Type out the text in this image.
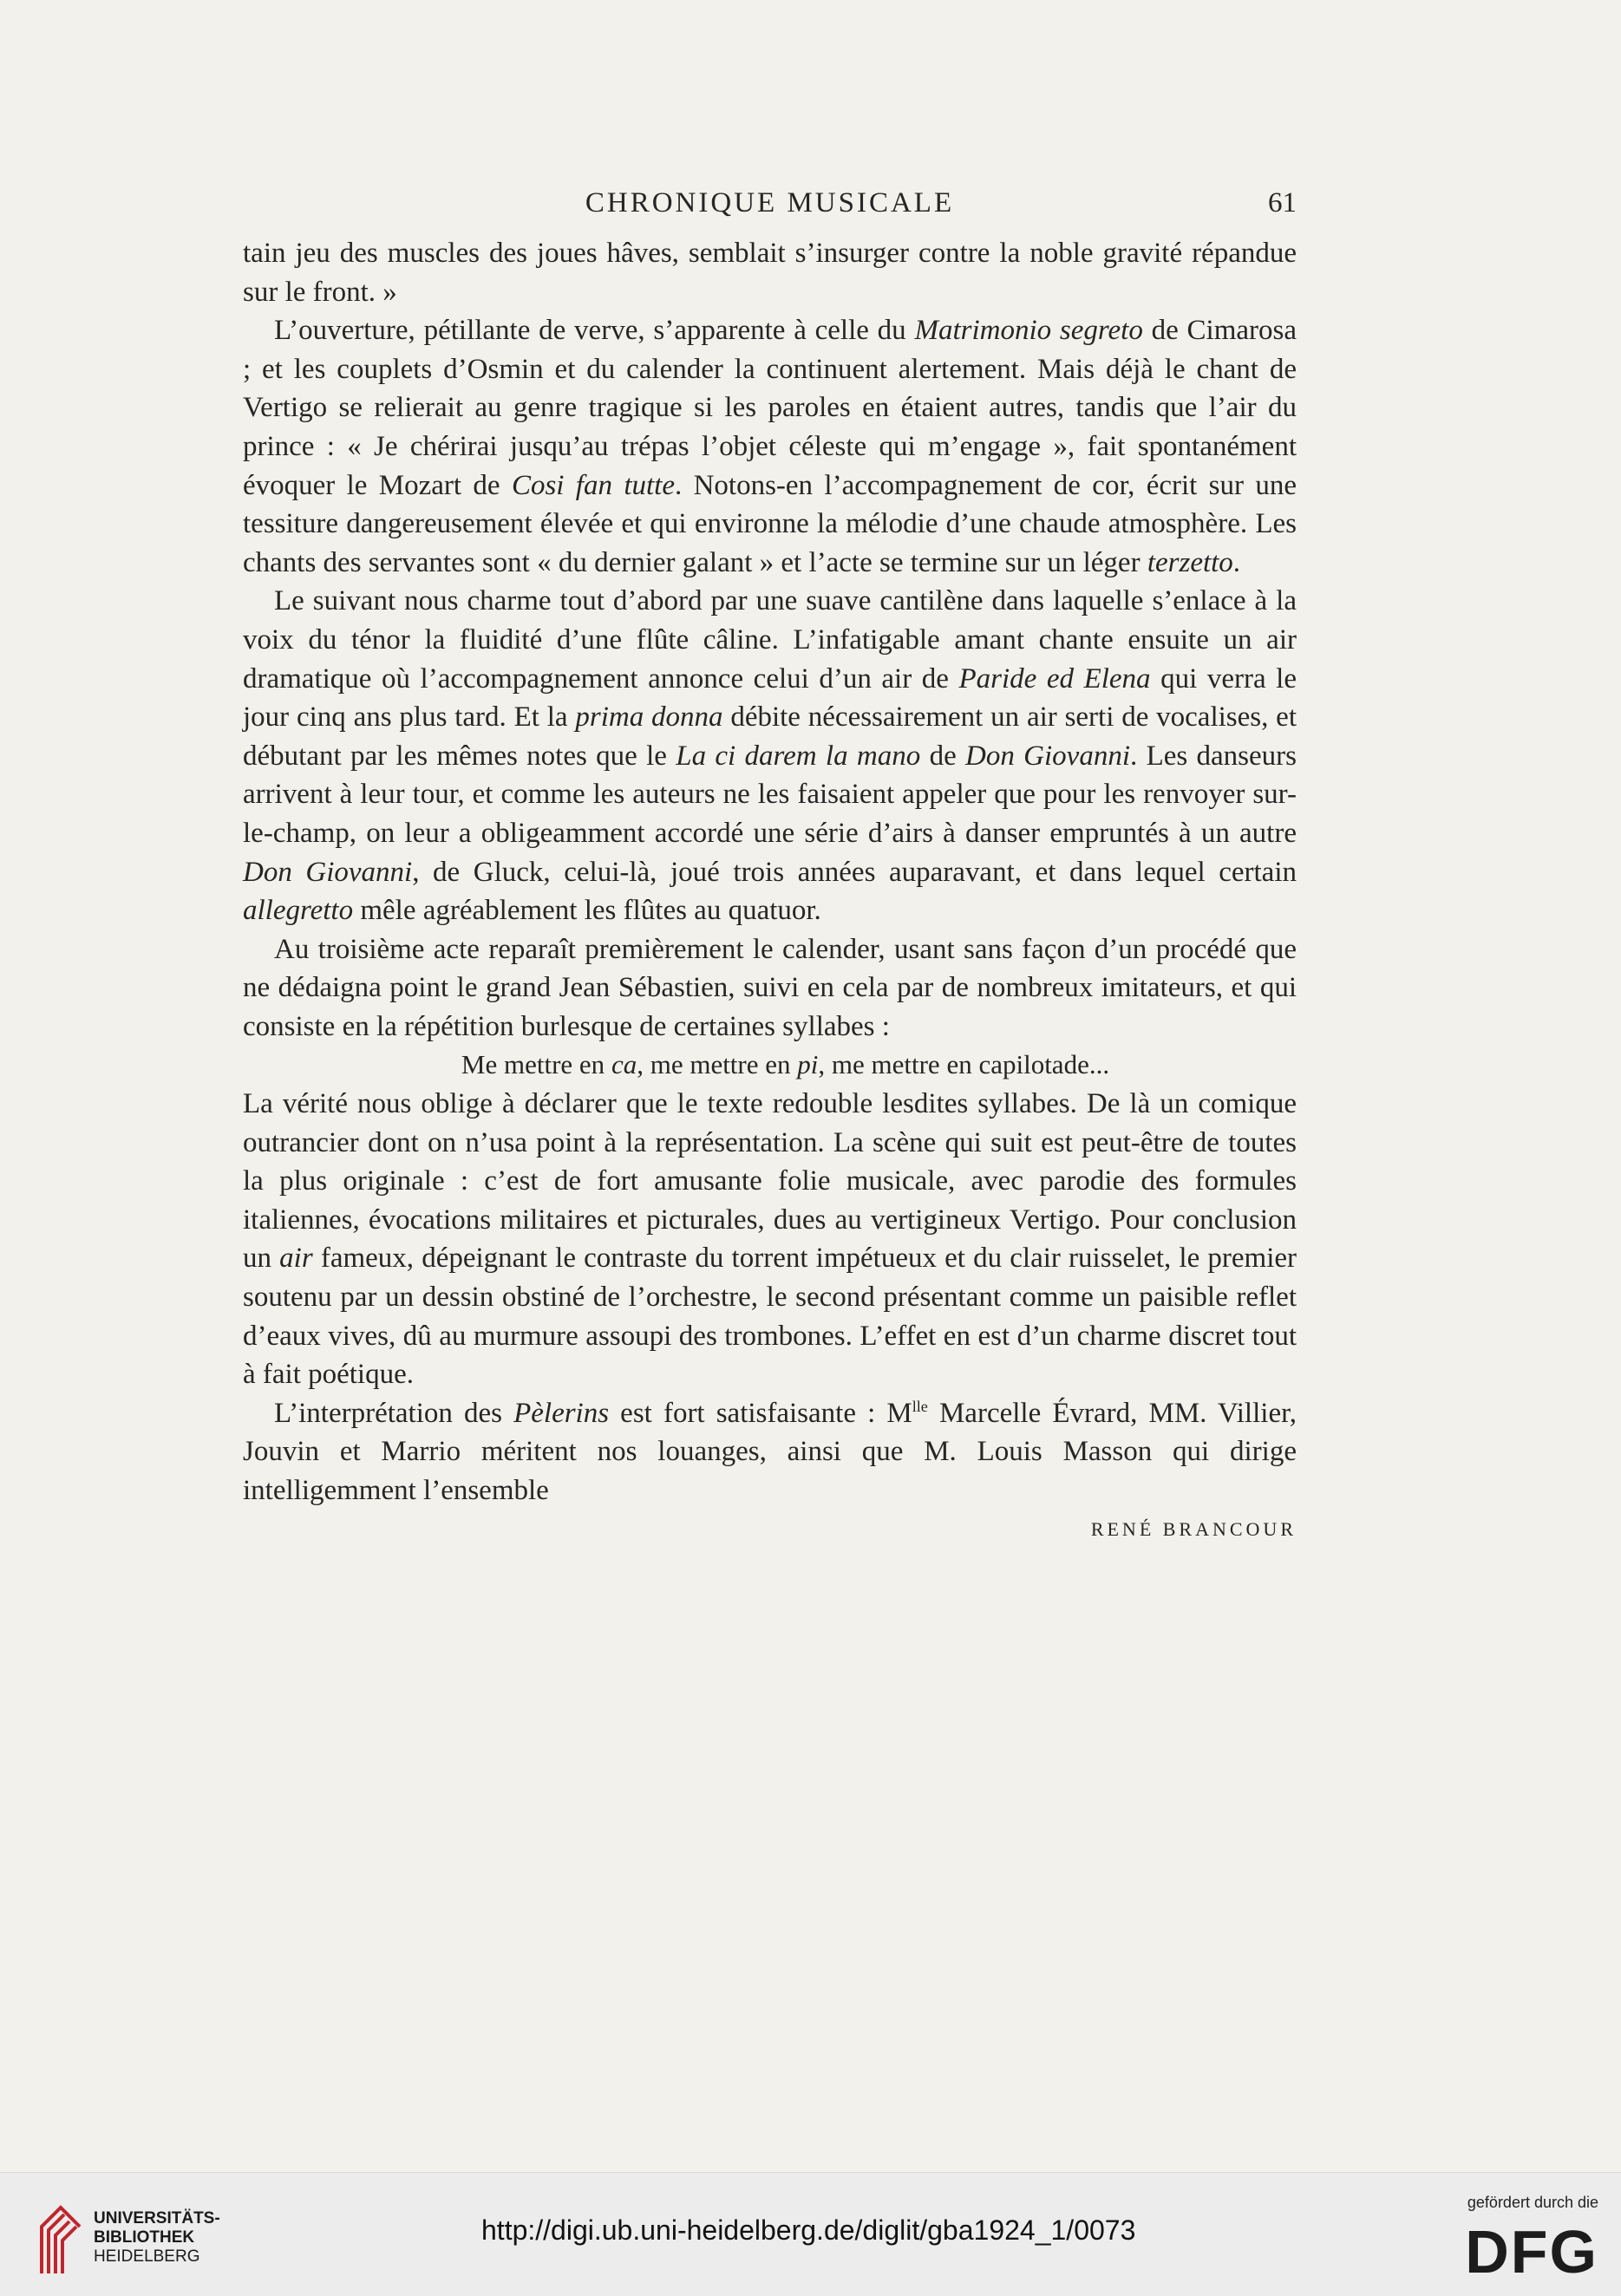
CHRONIQUE MUSICALE	61

tain jeu des muscles des joues hâves, semblait s’insurger contre la noble gravité répandue sur le front. »

L’ouverture, pétillante de verve, s’apparente à celle du Matrimonio segreto de Cimarosa ; et les couplets d’Osmin et du calender la continuent alertement. Mais déjà le chant de Vertigo se relierait au genre tragique si les paroles en étaient autres, tandis que l’air du prince : « Je chérirai jusqu’au trépas l’objet céleste qui m’engage », fait spontanément évoquer le Mozart de Cosi fan tutte. Notons-en l’accompagnement de cor, écrit sur une tessiture dangereusement élevée et qui environne la mélodie d’une chaude atmosphère. Les chants des servantes sont « du dernier galant » et l’acte se termine sur un léger terzetto.

Le suivant nous charme tout d’abord par une suave cantilène dans laquelle s’enlace à la voix du ténor la fluidité d’une flûte câline. L’infatigable amant chante ensuite un air dramatique où l’accompagnement annonce celui d’un air de Paride ed Elena qui verra le jour cinq ans plus tard. Et la prima donna débite nécessairement un air serti de vocalises, et débutant par les mêmes notes que le La ci darem la mano de Don Giovanni. Les danseurs arrivent à leur tour, et comme les auteurs ne les faisaient appeler que pour les renvoyer sur-le-champ, on leur a obligeamment accordé une série d’airs à danser empruntés à un autre Don Giovanni, de Gluck, celui-là, joué trois années auparavant, et dans lequel certain allegretto mêle agréablement les flûtes au quatuor.

Au troisième acte reparaît premièrement le calender, usant sans façon d’un procédé que ne dédaigna point le grand Jean Sébastien, suivi en cela par de nombreux imitateurs, et qui consiste en la répétition burlesque de certaines syllabes :

Me mettre en ca, me mettre en pi, me mettre en capilotade...

La vérité nous oblige à déclarer que le texte redouble lesdites syllabes. De là un comique outrancier dont on n’usa point à la représentation. La scène qui suit est peut-être de toutes la plus originale : c’est de fort amusante folie musicale, avec parodie des formules italiennes, évocations militaires et picturales, dues au vertigineux Vertigo. Pour conclusion un air fameux, dépeignant le contraste du torrent impétueux et du clair ruisselet, le premier soutenu par un dessin obstiné de l’orchestre, le second présentant comme un paisible reflet d’eaux vives, dû au murmure assoupi des trombones. L’effet en est d’un charme discret tout à fait poétique.

L’interprétation des Pèlerins est fort satisfaisante : $M^{lle}$ Marcelle Évrard, MM. Villier, Jouvin et Marrio méritent nos louanges, ainsi que M. Louis Masson qui dirige intelligemment l’ensemble

RENÉ BRANCOUR

UNIVERSITÄTS-
BIBLIOTHEK
HEIDELBERG
http://digi.ub.uni-heidelberg.de/diglit/gba1924_1/0073
gefördert durch die
DFG
